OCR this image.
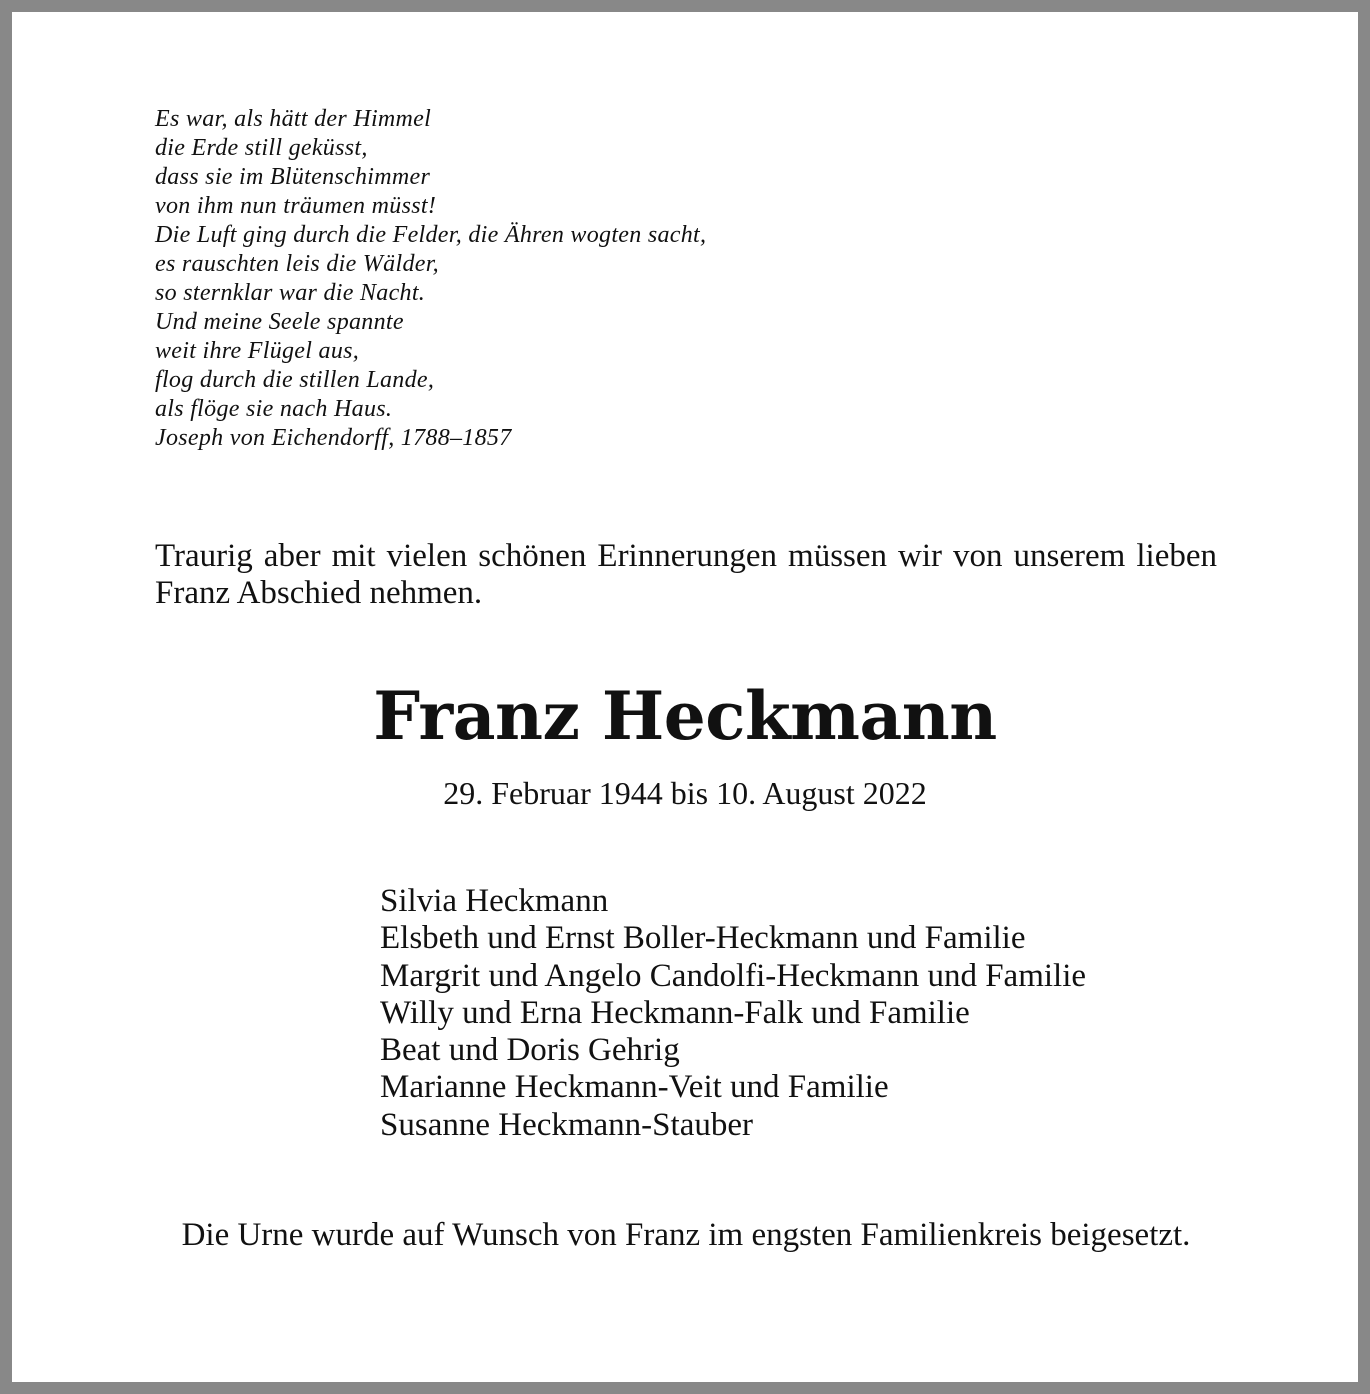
Es war, als hätt der Himmel
die Erde still geküsst,
dass sie im Blütenschimmer
von ihm nun träumen müsst!
Die Luft ging durch die Felder, die Ähren wogten sacht,
es rauschten leis die Wälder,
so sternklar war die Nacht.
Und meine Seele spannte
weit ihre Flügel aus,
flog durch die stillen Lande,
als flöge sie nach Haus.
Joseph von Eichendorff, 1788–1857

Traurig aber mit vielen schönen Erinnerungen müssen wir von unserem lieben Franz Abschied nehmen.

Franz Heckmann
29. Februar 1944 bis 10. August 2022
Silvia Heckmann
Elsbeth und Ernst Boller-Heckmann und Familie
Margrit und Angelo Candolfi-Heckmann und Familie
Willy und Erna Heckmann-Falk und Familie
Beat und Doris Gehrig
Marianne Heckmann-Veit und Familie
Susanne Heckmann-Stauber

Die Urne wurde auf Wunsch von Franz im engsten Familienkreis beigesetzt.
